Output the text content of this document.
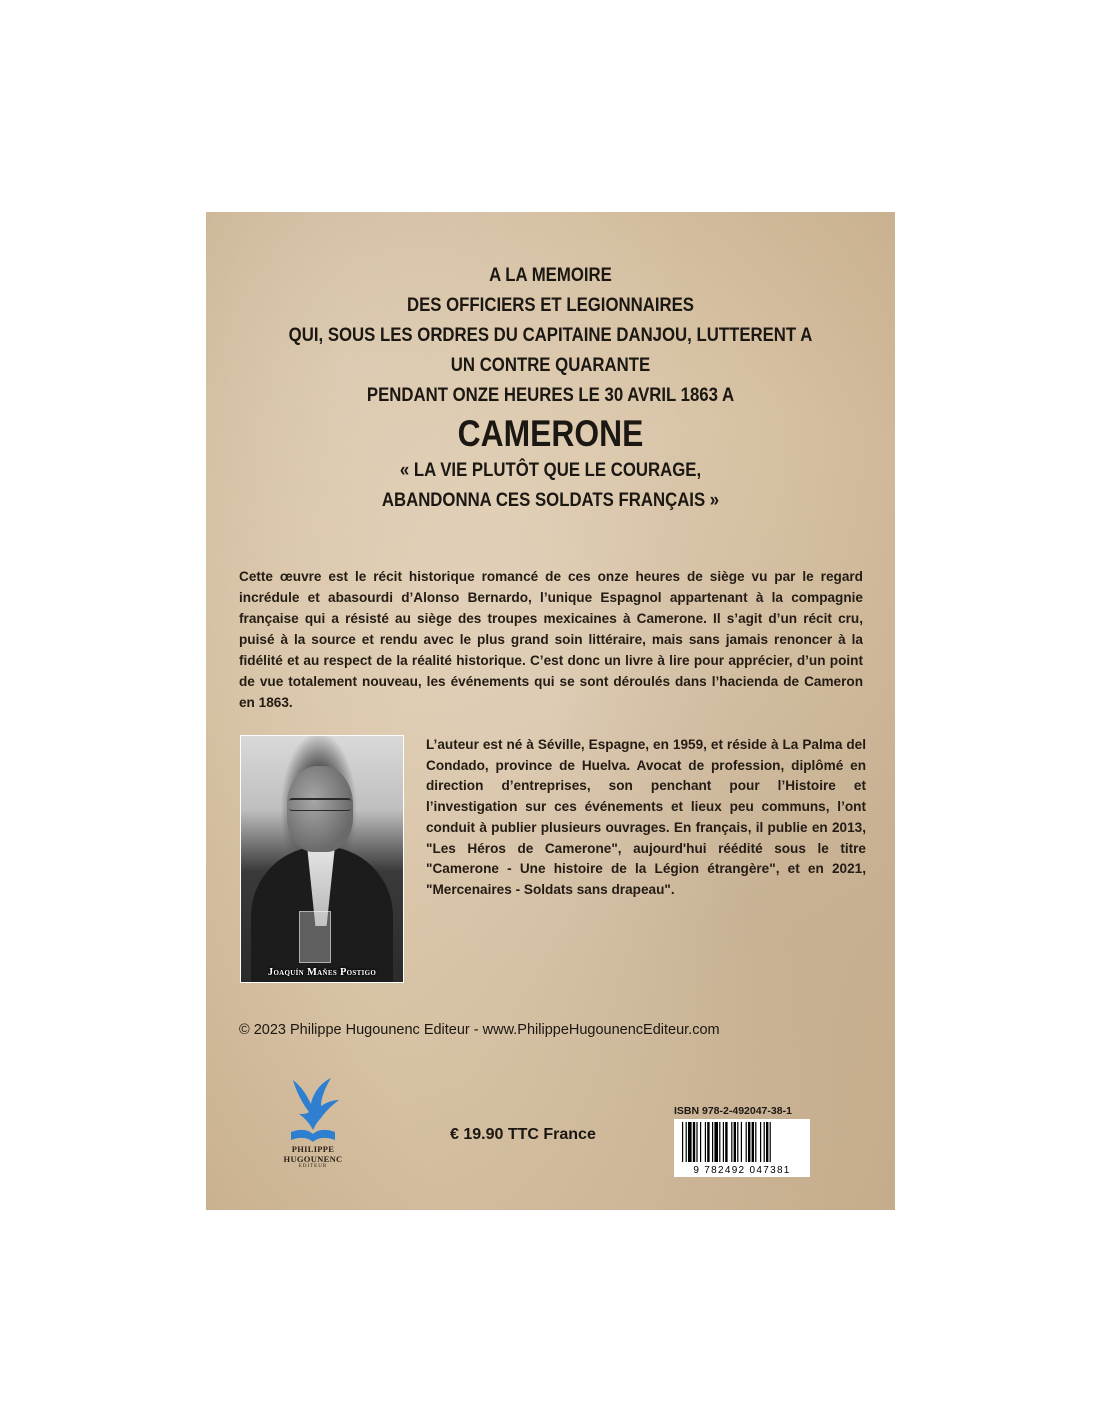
A LA MEMOIRE
DES OFFICIERS ET LEGIONNAIRES
QUI, SOUS LES ORDRES DU CAPITAINE DANJOU, LUTTERENT A
UN CONTRE QUARANTE
PENDANT ONZE HEURES LE 30 AVRIL 1863 A
CAMERONE
« LA VIE PLUTÔT QUE LE COURAGE,
ABANDONNA CES SOLDATS FRANÇAIS »
Cette œuvre est le récit historique romancé de ces onze heures de siège vu par le regard incrédule et abasourdi d’Alonso Bernardo, l’unique Espagnol appartenant à la compagnie française qui a résisté au siège des troupes mexicaines à Camerone. Il s’agit d’un récit cru, puisé à la source et rendu avec le plus grand soin littéraire, mais sans jamais renoncer à la fidélité et au respect de la réalité historique. C’est donc un livre à lire pour apprécier, d’un point de vue totalement nouveau, les événements qui se sont déroulés dans l’hacienda de Cameron en 1863.
Joaquín Mañes Postigo
L’auteur est né à Séville, Espagne, en 1959, et réside à La Palma del Condado, province de Huelva. Avocat de profession, diplômé en direction d’entreprises, son penchant pour l’Histoire et l’investigation sur ces événements et lieux peu communs, l’ont conduit à publier plusieurs ouvrages. En français, il publie en 2013, "Les Héros de Camerone", aujourd'hui réédité sous le titre "Camerone - Une histoire de la Légion étrangère", et en 2021, "Mercenaires - Soldats sans drapeau".
© 2023 Philippe Hugounenc Editeur - www.PhilippeHugounencEditeur.com
PHILIPPE
HUGOUNENC
EDITEUR
€ 19.90 TTC France
ISBN 978-2-492047-38-1
9 782492 047381
